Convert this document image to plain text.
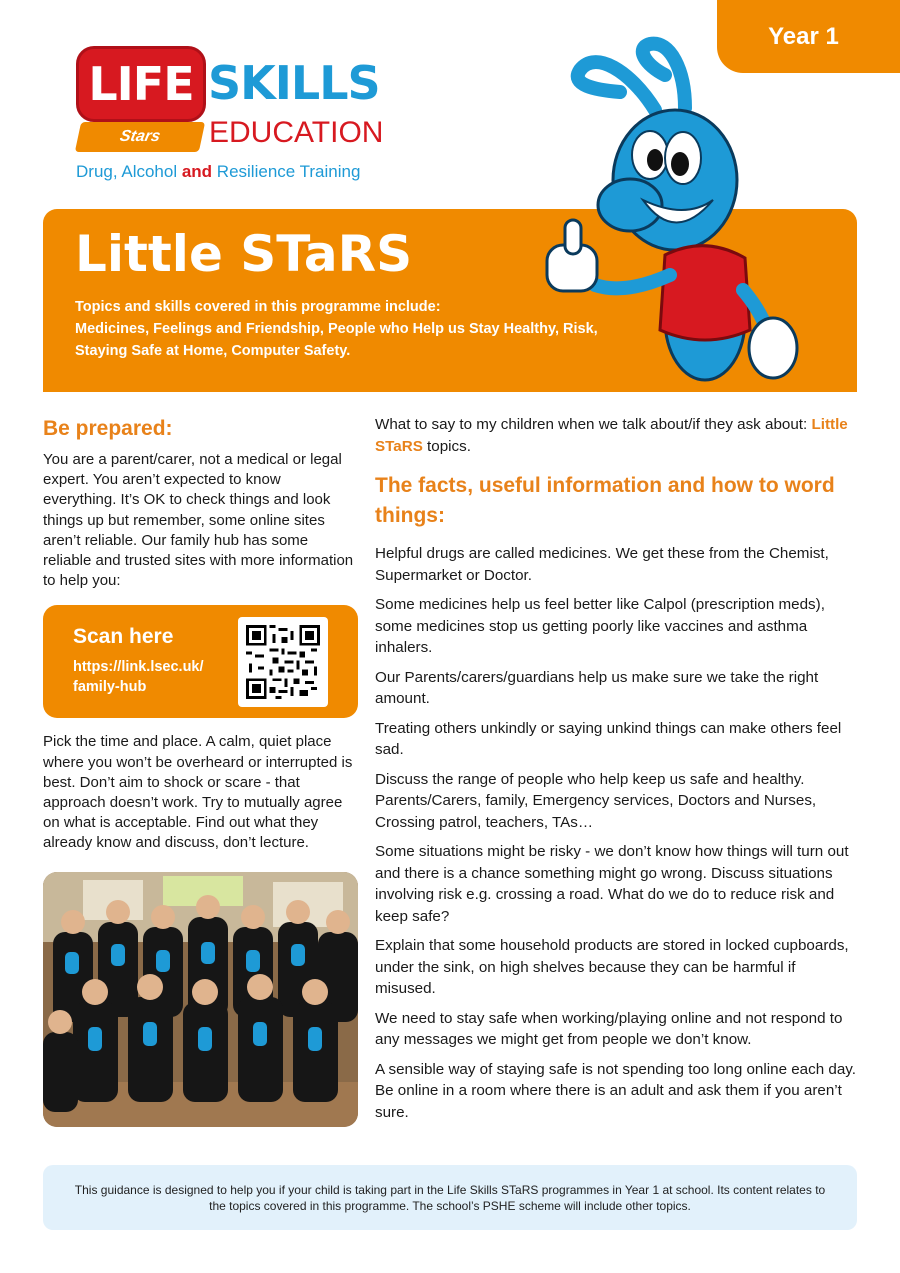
Year 1
LIFE
Stars
SKILLS
EDUCATION
Drug, Alcohol and Resilience Training
Little STaRS

Topics and skills covered in this programme include:

Medicines, Feelings and Friendship, People who Help us Stay Healthy, Risk, Staying Safe at Home, Computer Safety.

Be prepared:

You are a parent/carer, not a medical or legal expert. You aren’t expected to know everything. It’s OK to check things and look things up but remember, some online sites aren’t reliable. Our family hub has some reliable and trusted sites with more information to help you:

Scan here
https://link.lsec.uk/ family-hub

Pick the time and place. A calm, quiet place where you won’t be overheard or interrupted is best. Don’t aim to shock or scare - that approach doesn’t work. Try to mutually agree on what is acceptable. Find out what they already know and discuss, don’t lecture.

What to say to my children when we talk about/if they ask about: Little STaRS topics.

The facts, useful information and how to word things:

Helpful drugs are called medicines. We get these from the Chemist, Supermarket or Doctor.

Some medicines help us feel better like Calpol (prescription meds), some medicines stop us getting poorly like vaccines and asthma inhalers.

Our Parents/carers/guardians help us make sure we take the right amount.

Treating others unkindly or saying unkind things can make others feel sad.

Discuss the range of people who help keep us safe and healthy. Parents/Carers, family, Emergency services, Doctors and Nurses, Crossing patrol, teachers, TAs…

Some situations might be risky - we don’t know how things will turn out and there is a chance something might go wrong. Discuss situations involving risk e.g. crossing a road. What do we do to reduce risk and keep safe?

Explain that some household products are stored in locked cupboards, under the sink, on high shelves because they can be harmful if misused.

We need to stay safe when working/playing online and not respond to any messages we might get from people we don’t know.

A sensible way of staying safe is not spending too long online each day. Be online in a room where there is an adult and ask them if you aren’t sure.

This guidance is designed to help you if your child is taking part in the Life Skills STaRS programmes in Year 1 at school. Its content relates to the topics covered in this programme. The school’s PSHE scheme will include other topics.
